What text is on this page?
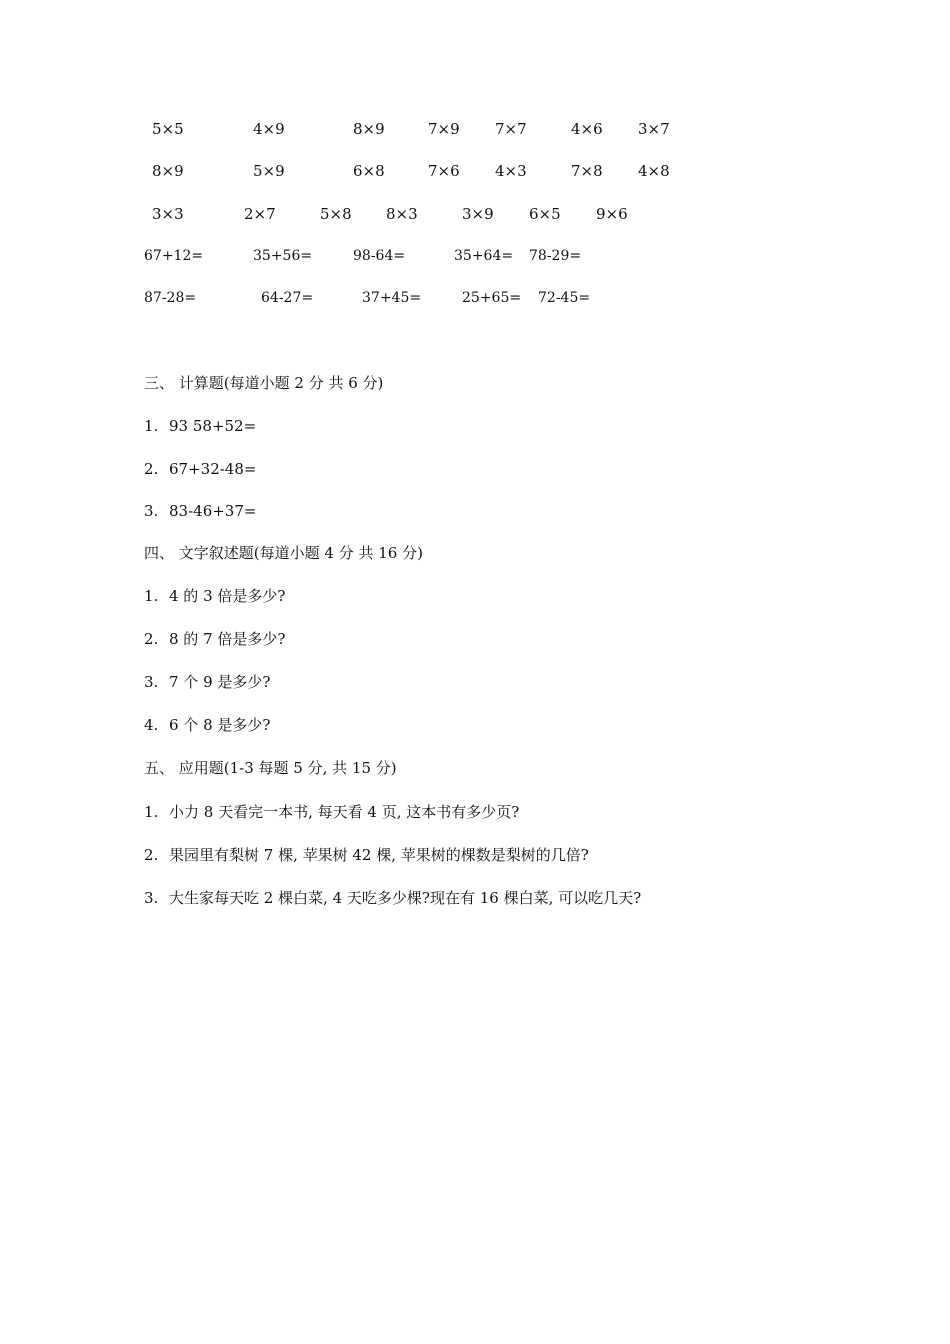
5×5	4×9	8×9	7×9 7×7	4×6 3×7
8×9	5×9	6×8	7×6 4×3	7×8 4×8
3×3	2×7	5×8 8×3	3×9 6×5 9×6
67+12=	35+56=	98-64=	35+64= 78-29=
87-28=	64-27=	37+45=	25+65= 72-45=
三、 计算题(每道小题 2 分 共 6 分)
1. 93 58+52=
2. 67+32-48=
3. 83-46+37=
四、 文字叙述题(每道小题 4 分 共 16 分)
1. 4 的 3 倍是多少?
2. 8 的 7 倍是多少?
3. 7 个 9 是多少?
4. 6 个 8 是多少?
五、 应用题(1-3 每题 5 分, 共 15 分)
1. 小力 8 天看完一本书, 每天看 4 页, 这本书有多少页?
2. 果园里有梨树 7 棵, 苹果树 42 棵, 苹果树的棵数是梨树的几倍?
3. 大生家每天吃 2 棵白菜, 4 天吃多少棵?现在有 16 棵白菜, 可以吃几天?
